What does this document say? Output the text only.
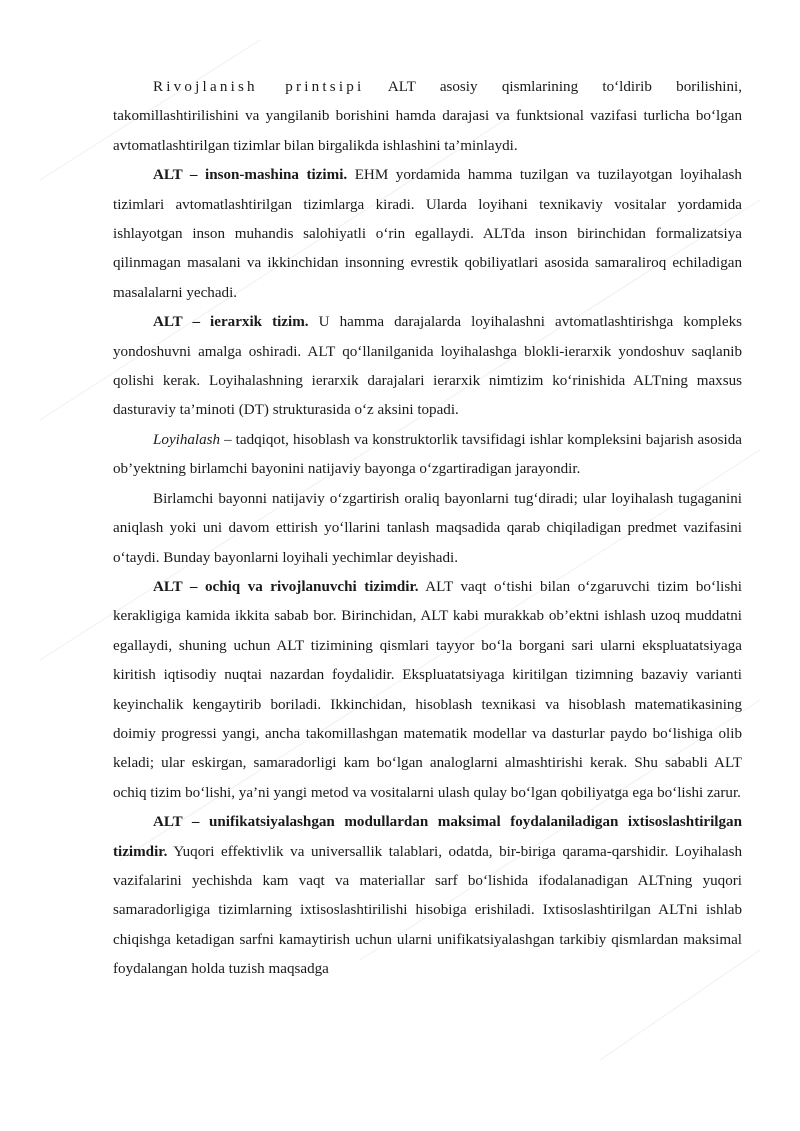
Rivojlanish printsipi ALT asosiy qismlarining to‘ldirib borilishini, takomillashtirilishini va yangilanib borishini hamda darajasi va funktsional vazifasi turlicha bo‘lgan avtomatlashtirilgan tizimlar bilan birgalikda ishlashini ta’minlaydi.

ALT – inson-mashina tizimi. EHM yordamida hamma tuzilgan va tuzilayotgan loyihalash tizimlari avtomatlashtirilgan tizimlarga kiradi. Ularda loyihani texnikaviy vositalar yordamida ishlayotgan inson muhandis salohiyatli o‘rin egallaydi. ALTda inson birinchidan formalizatsiya qilinmagan masalani va ikkinchidan insonning evrestik qobiliyatlari asosida samaraliroq echiladigan masalalarni yechadi.

ALT – ierarxik tizim. U hamma darajalarda loyihalashni avtomatlashtirishga kompleks yondoshuvni amalga oshiradi. ALT qo‘llanilganida loyihalashga blokli-ierarxik yondoshuv saqlanib qolishi kerak. Loyihalashning ierarxik darajalari ierarxik nimtizim ko‘rinishida ALTning maxsus dasturaviy ta’minoti (DT) strukturasida o‘z aksini topadi.

Loyihalash – tadqiqot, hisoblash va konstruktorlik tavsifidagi ishlar kompleksini bajarish asosida ob’yektning birlamchi bayonini natijaviy bayonga o‘zgartiradigan jarayondir.

Birlamchi bayonni natijaviy o‘zgartirish oraliq bayonlarni tug‘diradi; ular loyihalash tugaganini aniqlash yoki uni davom ettirish yo‘llarini tanlash maqsadida qarab chiqiladigan predmet vazifasini o‘taydi. Bunday bayonlarni loyihali yechimlar deyishadi.

ALT – ochiq va rivojlanuvchi tizimdir. ALT vaqt o‘tishi bilan o‘zgaruvchi tizim bo‘lishi kerakligiga kamida ikkita sabab bor. Birinchidan, ALT kabi murakkab ob’ektni ishlash uzoq muddatni egallaydi, shuning uchun ALT tizimining qismlari tayyor bo‘la borgani sari ularni ekspluatatsiyaga kiritish iqtisodiy nuqtai nazardan foydalidir. Ekspluatatsiyaga kiritilgan tizimning bazaviy varianti keyinchalik kengaytirib boriladi. Ikkinchidan, hisoblash texnikasi va hisoblash matematikasining doimiy progressi yangi, ancha takomillashgan matematik modellar va dasturlar paydo bo‘lishiga olib keladi; ular eskirgan, samaradorligi kam bo‘lgan analoglarni almashtirishi kerak. Shu sababli ALT ochiq tizim bo‘lishi, ya’ni yangi metod va vositalarni ulash qulay bo‘lgan qobiliyatga ega bo‘lishi zarur.

ALT – unifikatsiyalashgan modullardan maksimal foydalaniladigan ixtisoslashtirilgan tizimdir. Yuqori effektivlik va universallik talablari, odatda, bir-biriga qarama-qarshidir. Loyihalash vazifalarini yechishda kam vaqt va materiallar sarf bo‘lishida ifodalanadigan ALTning yuqori samaradorligiga tizimlarning ixtisoslashtirilishi hisobiga erishiladi. Ixtisoslashtirilgan ALTni ishlab chiqishga ketadigan sarfni kamaytirish uchun ularni unifikatsiyalashgan tarkibiy qismlardan maksimal foydalangan holda tuzish maqsadga
